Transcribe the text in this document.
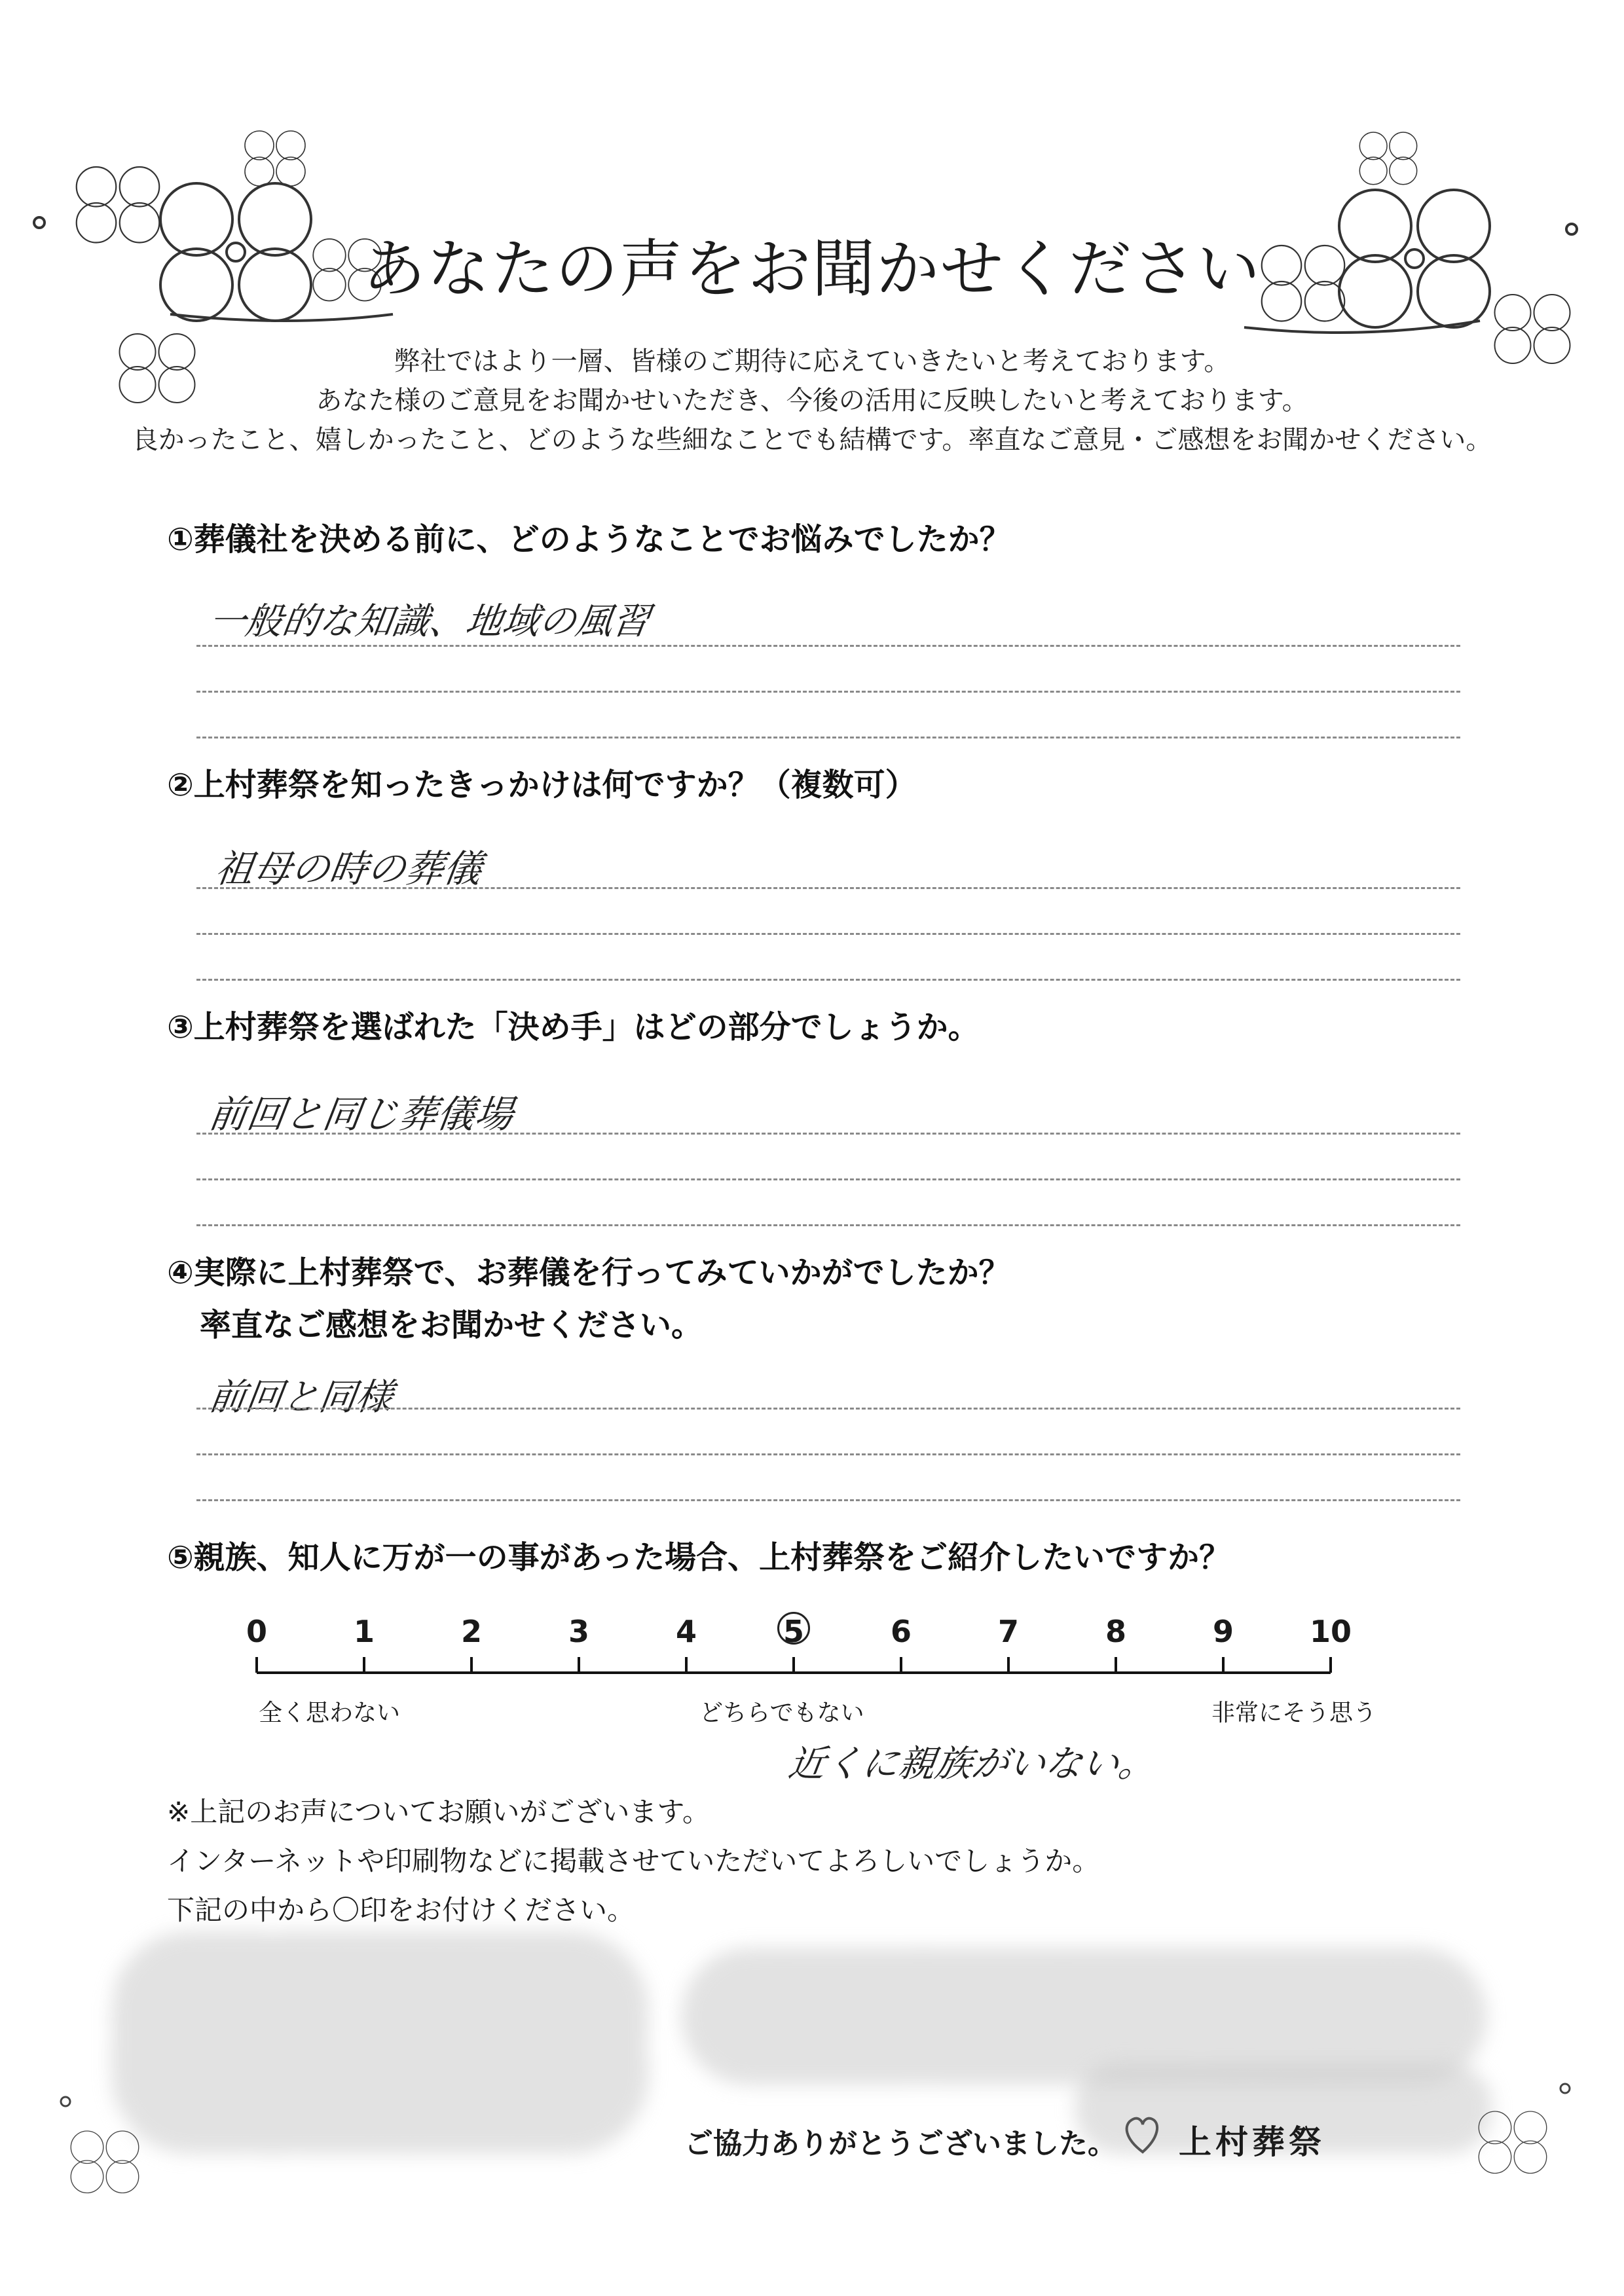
あなたの声をお聞かせください
弊社ではより一層、皆様のご期待に応えていきたいと考えております。
あなた様のご意見をお聞かせいただき、今後の活用に反映したいと考えております。
良かったこと、嬉しかったこと、どのような些細なことでも結構です。率直なご意見・ご感想をお聞かせください。
①葬儀社を決める前に、どのようなことでお悩みでしたか？
一般的な知識、地域の風習
②上村葬祭を知ったきっかけは何ですか？（複数可）
祖母の時の葬儀
③上村葬祭を選ばれた「決め手」はどの部分でしょうか。
前回と同じ葬儀場
④実際に上村葬祭で、お葬儀を行ってみていかがでしたか？
率直なご感想をお聞かせください。
前回と同様
⑤親族、知人に万が一の事があった場合、上村葬祭をご紹介したいですか？
0	1	2	3	4	5	6	7	8	9	10
全く思わない	どちらでもない	非常にそう思う
近くに親族がいない。
※上記のお声についてお願いがございます。
インターネットや印刷物などに掲載させていただいてよろしいでしょうか。
下記の中から〇印をお付けください。
ご協力ありがとうございました。 上村葬祭
